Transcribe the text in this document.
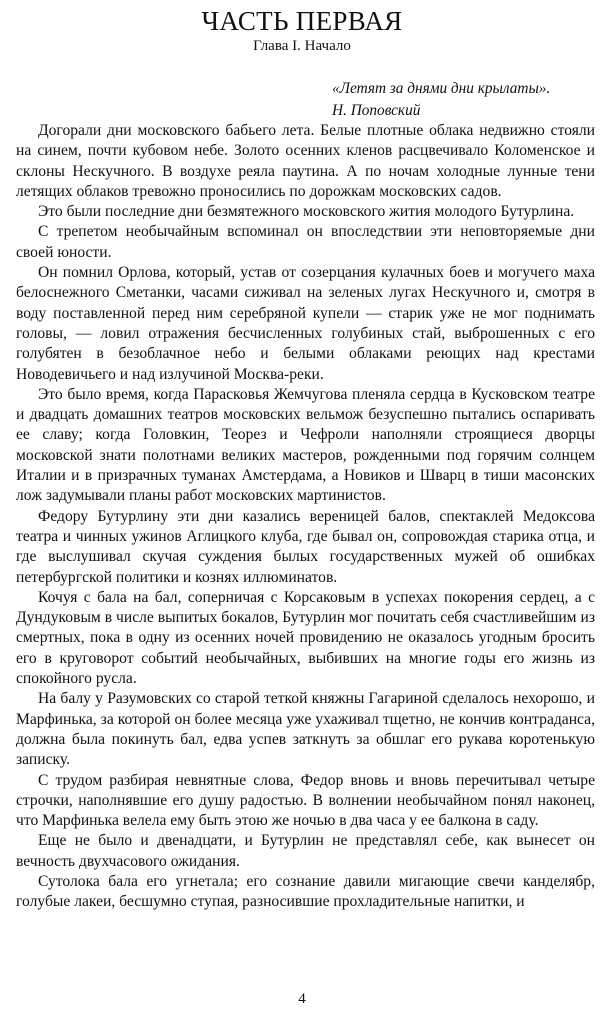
ЧАСТЬ ПЕРВАЯ
Глава I. Начало
«Летят за днями дни крылаты».
Н. Поповский

Догорали дни московского бабьего лета. Белые плотные облака недвижно стояли на синем, почти кубовом небе. Золото осенних кленов расцвечивало Коломенское и склоны Нескучного. В воздухе реяла паутина. А по ночам холодные лунные тени летящих облаков тревожно проносились по дорожкам московских садов.

Это были последние дни безмятежного московского жития молодого Бутурлина.

С трепетом необычайным вспоминал он впоследствии эти неповторяемые дни своей юности.

Он помнил Орлова, который, устав от созерцания кулачных боев и могучего маха белоснежного Сметанки, часами сиживал на зеленых лугах Нескучного и, смотря в воду поставленной перед ним серебряной купели — старик уже не мог поднимать головы, — ловил отражения бесчисленных голубиных стай, выброшенных с его голубятен в безоблачное небо и белыми облаками реющих над крестами Новодевичьего и над излучиной Москва-реки.

Это было время, когда Парасковья Жемчугова пленяла сердца в Кусковском театре и двадцать домашних театров московских вельмож безуспешно пытались оспаривать ее славу; когда Головкин, Теорез и Чефроли наполняли строящиеся дворцы московской знати полотнами великих мастеров, рожденными под горячим солнцем Италии и в призрачных туманах Амстердама, а Новиков и Шварц в тиши масонских лож задумывали планы работ московских мартинистов.

Федору Бутурлину эти дни казались вереницей балов, спектаклей Медоксова театра и чинных ужинов Аглицкого клуба, где бывал он, сопровождая старика отца, и где выслушивал скучая суждения былых государственных мужей об ошибках петербургской политики и кознях иллюминатов.

Кочуя с бала на бал, соперничая с Корсаковым в успехах покорения сердец, а с Дундуковым в числе выпитых бокалов, Бутурлин мог почитать себя счастливейшим из смертных, пока в одну из осенних ночей провидению не оказалось угодным бросить его в круговорот событий необычайных, выбивших на многие годы его жизнь из спокойного русла.

На балу у Разумовских со старой теткой княжны Гагариной сделалось нехорошо, и Марфинька, за которой он более месяца уже ухаживал тщетно, не кончив контраданса, должна была покинуть бал, едва успев заткнуть за обшлаг его рукава коротенькую записку.

С трудом разбирая невнятные слова, Федор вновь и вновь перечитывал четыре строчки, наполнявшие его душу радостью. В волнении необычайном понял наконец, что Марфинька велела ему быть этою же ночью в два часа у ее балкона в саду.

Еще не было и двенадцати, и Бутурлин не представлял себе, как вынесет он вечность двухчасового ожидания.

Сутолока бала его угнетала; его сознание давили мигающие свечи канделябр, голубые лакеи, бесшумно ступая, разносившие прохладительные напитки, и

4
